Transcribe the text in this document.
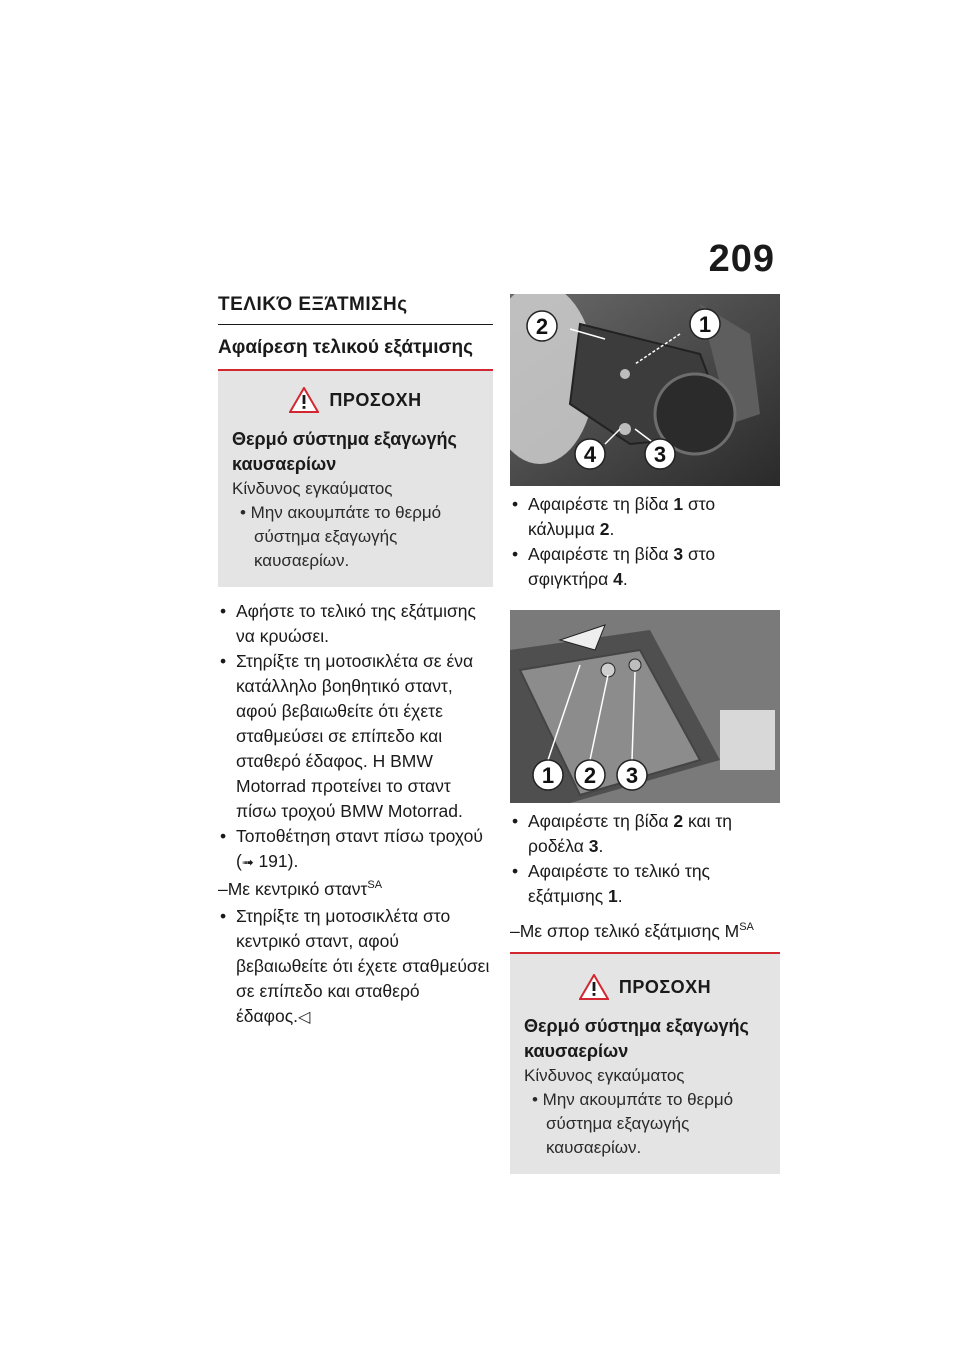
209
ΤΕΛΙΚΌ ΕΞΆΤΜΙΣΗς
Αφαίρεση τελικού εξάτμισης
ΠΡΟΣΟΧΗ
Θερμό σύστημα εξαγωγής καυσαερίων
Κίνδυνος εγκαύματος
• Μην ακουμπάτε το θερμό σύστημα εξαγωγής καυσαερίων.
• Αφήστε το τελικό της εξάτμισης να κρυώσει.
• Στηρίξτε τη μοτοσικλέτα σε ένα κατάλληλο βοηθητικό σταντ, αφού βεβαιωθείτε ότι έχετε σταθμεύσει σε επίπεδο και σταθερό έδαφος. Η BMW Motorrad προτείνει το σταντ πίσω τροχού BMW Motorrad.
• Τοποθέτηση σταντ πίσω τροχού
(➟ 191).
–Με κεντρικό σταντ$^{SA}$
• Στηρίξτε τη μοτοσικλέτα στο κεντρικό σταντ, αφού βεβαιωθείτε ότι έχετε σταθμεύσει σε επίπεδο και σταθερό έδαφος.◁
2	1
4	3
• Αφαιρέστε τη βίδα 1 στο κάλυμμα 2.
• Αφαιρέστε τη βίδα 3 στο σφιγκτήρα 4.
1 2 3
• Αφαιρέστε τη βίδα 2 και τη ροδέλα 3.
• Αφαιρέστε το τελικό της εξάτμισης 1.
–Με σπορ τελικό εξάτμισης $M^{SA}$
ΠΡΟΣΟΧΗ
Θερμό σύστημα εξαγωγής καυσαερίων
Κίνδυνος εγκαύματος
• Μην ακουμπάτε το θερμό σύστημα εξαγωγής καυσαερίων.
